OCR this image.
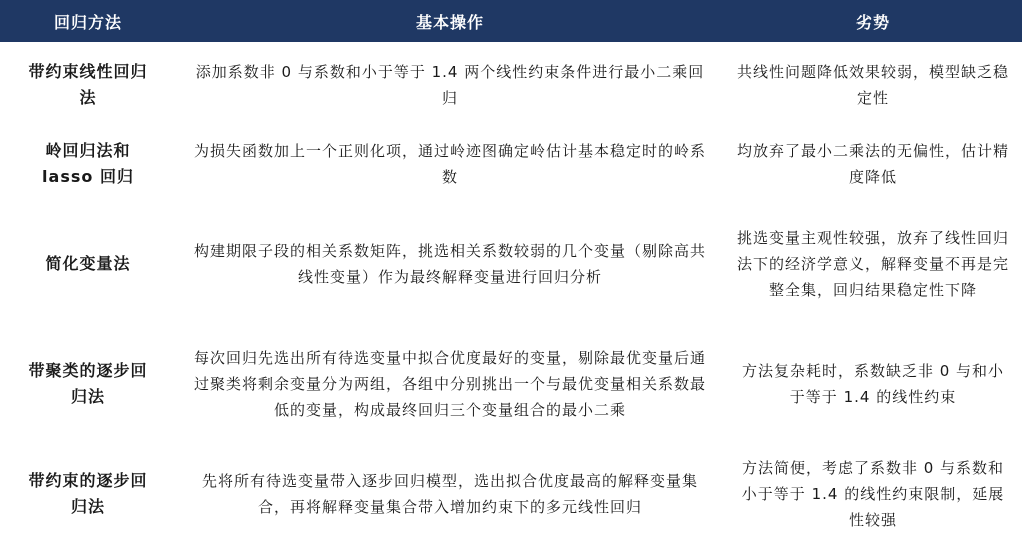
回归方法	基本操作	劣势
带约束线性回归法	添加系数非 0 与系数和小于等于 1.4 两个线性约束条件进行最小二乘回归	共线性问题降低效果较弱，模型缺乏稳定性
岭回归法和 lasso 回归	为损失函数加上一个正则化项，通过岭迹图确定岭估计基本稳定时的岭系数	均放弃了最小二乘法的无偏性，估计精度降低
简化变量法	构建期限子段的相关系数矩阵，挑选相关系数较弱的几个变量（剔除高共线性变量）作为最终解释变量进行回归分析	挑选变量主观性较强，放弃了线性回归法下的经济学意义，解释变量不再是完整全集，回归结果稳定性下降
带聚类的逐步回归法	每次回归先选出所有待选变量中拟合优度最好的变量，剔除最优变量后通过聚类将剩余变量分为两组，各组中分别挑出一个与最优变量相关系数最低的变量，构成最终回归三个变量组合的最小二乘	方法复杂耗时，系数缺乏非 0 与和小于等于 1.4 的线性约束
带约束的逐步回归法	先将所有待选变量带入逐步回归模型，选出拟合优度最高的解释变量集合，再将解释变量集合带入增加约束下的多元线性回归	方法简便，考虑了系数非 0 与系数和小于等于 1.4 的线性约束限制，延展性较强
